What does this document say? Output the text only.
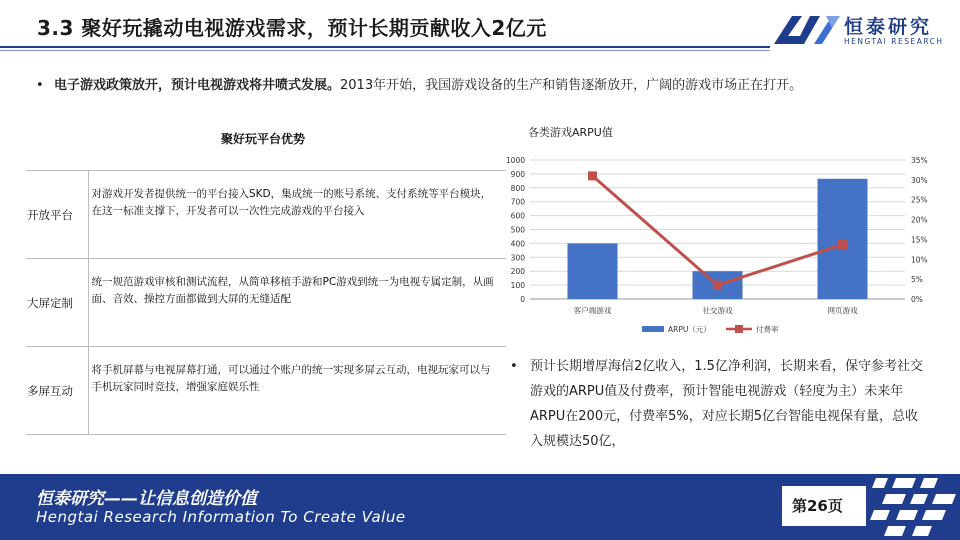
3.3 聚好玩撬动电视游戏需求，预计长期贡献收入2亿元	恒泰研究
HENGTAI RESEARCH
• 电子游戏政策放开，预计电视游戏将井喷式发展。2013年开始，我国游戏设备的生产和销售逐渐放开，广阔的游戏市场正在打开。
聚好玩平台优势
开放平台	对游戏开发者提供统一的平台接入SKD，集成统一的账号系统、支付系统等平台模块，在这一标准支撑下，开发者可以一次性完成游戏的平台接入
大屏定制	统一规范游戏审核和测试流程，从简单移植手游和PC游戏到统一为电视专属定制，从画面、音效、操控方面都做到大屏的无缝适配
多屏互动	将手机屏幕与电视屏幕打通，可以通过个账户的统一实现多屏云互动，电视玩家可以与手机玩家同时竞技，增强家庭娱乐性
各类游戏ARPU值
0
100
200
300
400
500
600
700
800
900
1000
0%
5%
10%
15%
20%
25%
30%
35%
客户端游戏	社交游戏	网页游戏
ARPU（元）	付费率
• 预计长期增厚海信2亿收入，1.5亿净利润，长期来看，保守参考社交游戏的ARPU值及付费率，预计智能电视游戏（轻度为主）未来年ARPU在200元，付费率5%，对应长期5亿台智能电视保有量，总收入规模达50亿，
恒泰研究——让信息创造价值
Hengtai Research Information To Create Value
第26页
